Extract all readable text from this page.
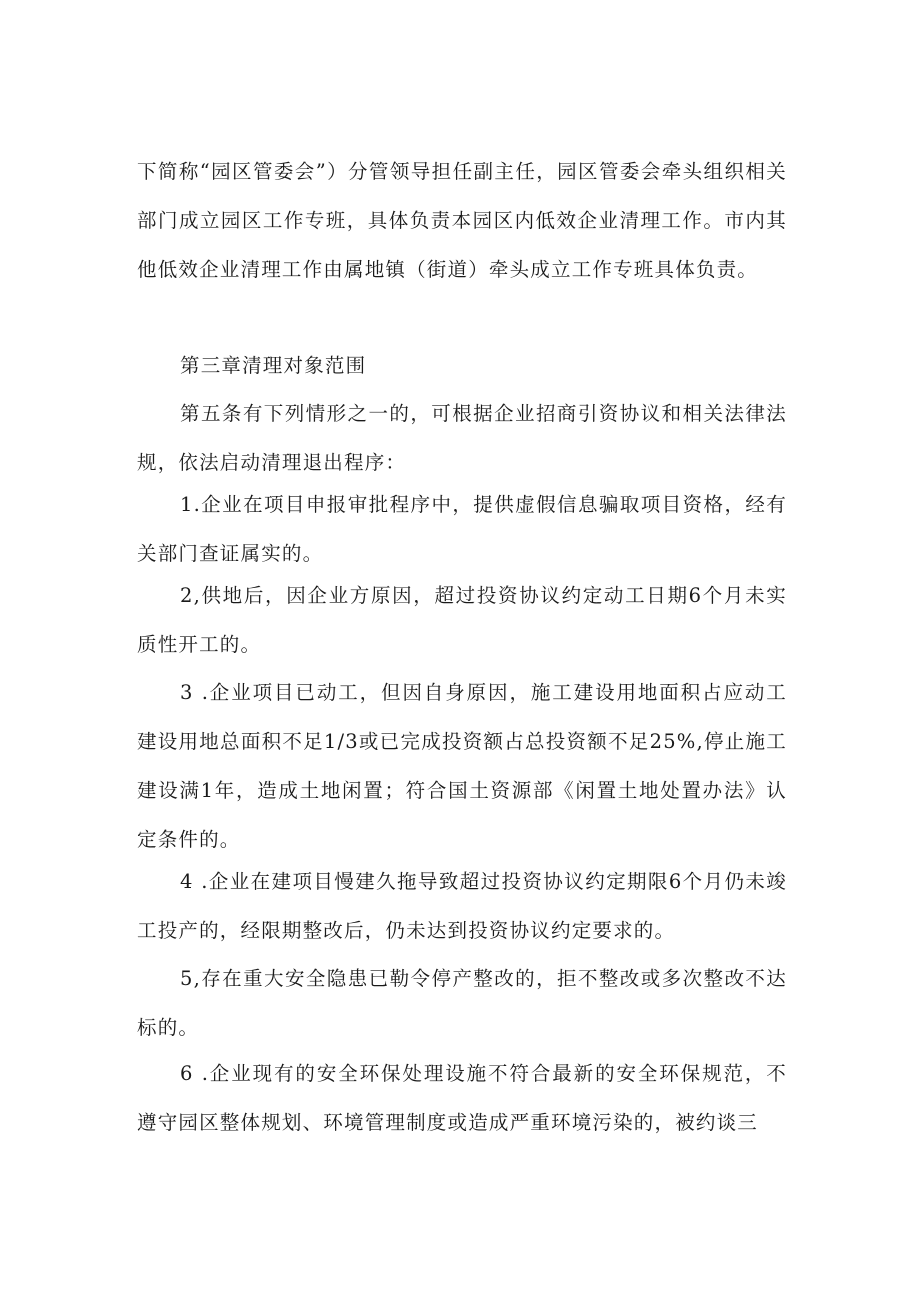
下简称“园区管委会”）分管领导担任副主任，园区管委会牵头组织相关部门成立园区工作专班，具体负责本园区内低效企业清理工作。市内其他低效企业清理工作由属地镇（街道）牵头成立工作专班具体负责。

第三章清理对象范围

第五条有下列情形之一的，可根据企业招商引资协议和相关法律法规，依法启动清理退出程序：

1.企业在项目申报审批程序中，提供虚假信息骗取项目资格，经有关部门查证属实的。

2,供地后，因企业方原因，超过投资协议约定动工日期6个月未实质性开工的。

3 .企业项目已动工，但因自身原因，施工建设用地面积占应动工建设用地总面积不足1/3或已完成投资额占总投资额不足25%,停止施工建设满1年，造成土地闲置；符合国土资源部《闲置土地处置办法》认定条件的。

4 .企业在建项目慢建久拖导致超过投资协议约定期限6个月仍未竣工投产的，经限期整改后，仍未达到投资协议约定要求的。

5,存在重大安全隐患已勒令停产整改的，拒不整改或多次整改不达标的。

6 .企业现有的安全环保处理设施不符合最新的安全环保规范，不遵守园区整体规划、环境管理制度或造成严重环境污染的，被约谈三
